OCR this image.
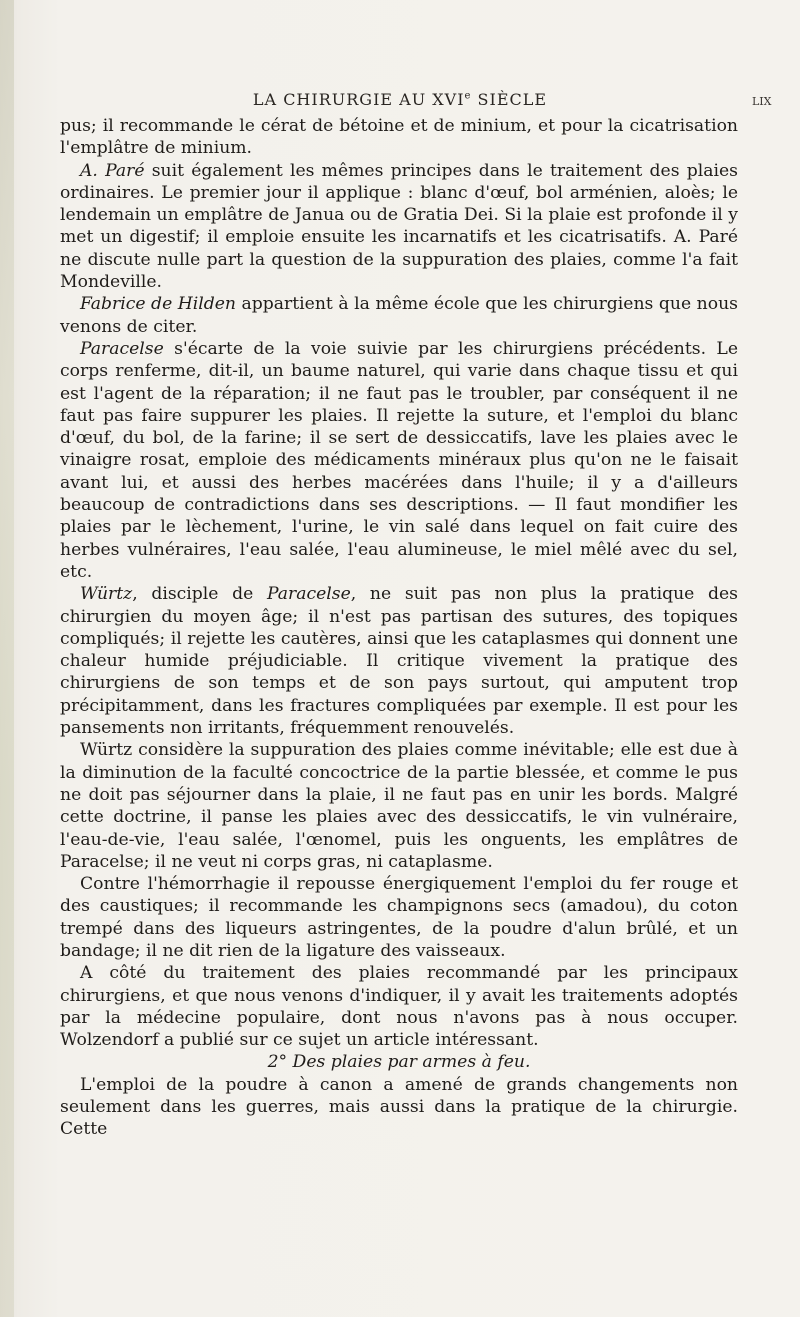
LA CHIRURGIE AU XVIe SIÈCLE	LIX

pus; il recommande le cérat de bétoine et de minium, et pour la cicatrisation l'emplâtre de minium.

A. Paré suit également les mêmes principes dans le traitement des plaies ordinaires. Le premier jour il applique : blanc d'œuf, bol arménien, aloès; le lendemain un emplâtre de Janua ou de Gratia Dei. Si la plaie est profonde il y met un digestif; il emploie ensuite les incarnatifs et les cicatrisatifs. A. Paré ne discute nulle part la question de la suppuration des plaies, comme l'a fait Mondeville.

Fabrice de Hilden appartient à la même école que les chirurgiens que nous venons de citer.

Paracelse s'écarte de la voie suivie par les chirurgiens précédents. Le corps renferme, dit-il, un baume naturel, qui varie dans chaque tissu et qui est l'agent de la réparation; il ne faut pas le troubler, par conséquent il ne faut pas faire suppurer les plaies. Il rejette la suture, et l'emploi du blanc d'œuf, du bol, de la farine; il se sert de dessiccatifs, lave les plaies avec le vinaigre rosat, emploie des médicaments minéraux plus qu'on ne le faisait avant lui, et aussi des herbes macérées dans l'huile; il y a d'ailleurs beaucoup de contradictions dans ses descriptions. — Il faut mondifier les plaies par le lèchement, l'urine, le vin salé dans lequel on fait cuire des herbes vulnéraires, l'eau salée, l'eau alumineuse, le miel mêlé avec du sel, etc.

Würtz, disciple de Paracelse, ne suit pas non plus la pratique des chirurgien du moyen âge; il n'est pas partisan des sutures, des topiques compliqués; il rejette les cautères, ainsi que les cataplasmes qui donnent une chaleur humide préjudiciable. Il critique vivement la pratique des chirurgiens de son temps et de son pays surtout, qui amputent trop précipitamment, dans les fractures compliquées par exemple. Il est pour les pansements non irritants, fréquemment renouvelés.

Würtz considère la suppuration des plaies comme inévitable; elle est due à la diminution de la faculté concoctrice de la partie blessée, et comme le pus ne doit pas séjourner dans la plaie, il ne faut pas en unir les bords. Malgré cette doctrine, il panse les plaies avec des dessiccatifs, le vin vulnéraire, l'eau-de-vie, l'eau salée, l'œnomel, puis les onguents, les emplâtres de Paracelse; il ne veut ni corps gras, ni cataplasme.

Contre l'hémorrhagie il repousse énergiquement l'emploi du fer rouge et des caustiques; il recommande les champignons secs (amadou), du coton trempé dans des liqueurs astringentes, de la poudre d'alun brûlé, et un bandage; il ne dit rien de la ligature des vaisseaux.

A côté du traitement des plaies recommandé par les principaux chirurgiens, et que nous venons d'indiquer, il y avait les traitements adoptés par la médecine populaire, dont nous n'avons pas à nous occuper. Wolzendorf a publié sur ce sujet un article intéressant.

2° Des plaies par armes à feu.

L'emploi de la poudre à canon a amené de grands changements non seulement dans les guerres, mais aussi dans la pratique de la chirurgie. Cette
